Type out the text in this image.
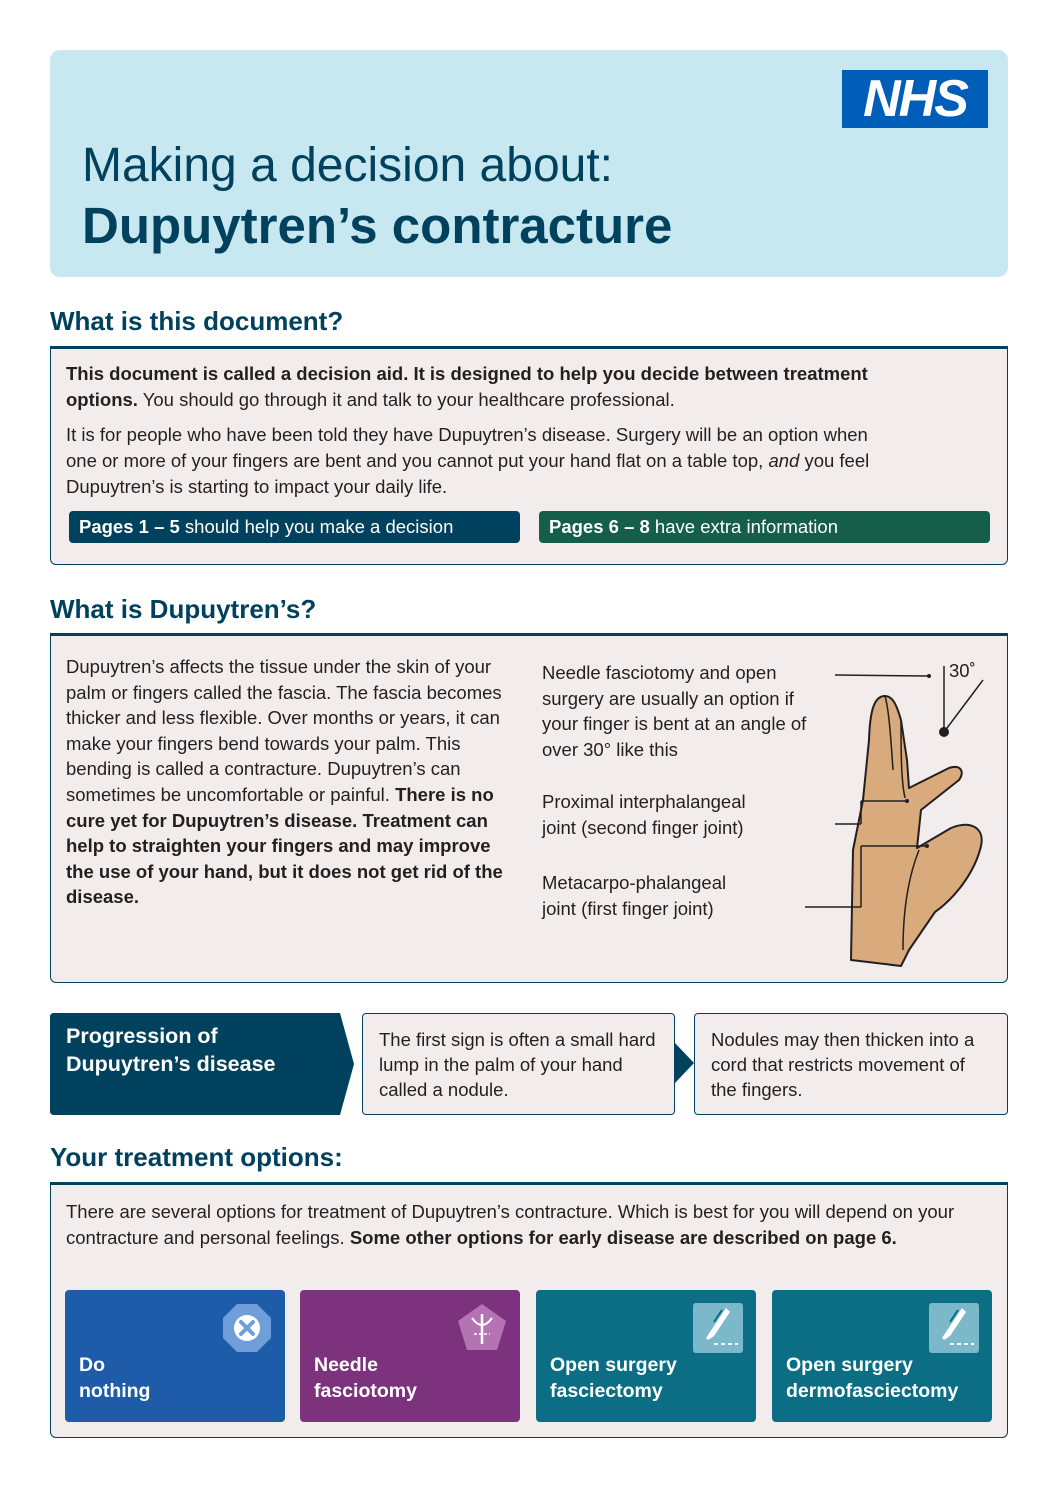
NHS
Making a decision about:
Dupuytren’s contracture
What is this document?

This document is called a decision aid. It is designed to help you decide between treatment options. You should go through it and talk to your healthcare professional.

It is for people who have been told they have Dupuytren’s disease. Surgery will be an option when one or more of your fingers are bent and you cannot put your hand flat on a table top, and you feel Dupuytren’s is starting to impact your daily life.

Pages 1 – 5 should help you make a decision	Pages 6 – 8 have extra information
What is Dupuytren’s?

Dupuytren’s affects the tissue under the skin of your palm or fingers called the fascia. The fascia becomes thicker and less flexible. Over months or years, it can make your fingers bend towards your palm. This bending is called a contracture. Dupuytren’s can sometimes be uncomfortable or painful. There is no cure yet for Dupuytren’s disease. Treatment can help to straighten your fingers and may improve the use of your hand, but it does not get rid of the disease.

Needle fasciotomy and open surgery are usually an option if your finger is bent at an angle of over 30° like this

Proximal interphalangeal joint (second finger joint)

Metacarpo-phalangeal joint (first finger joint)

30˚
Progression of Dupuytren’s disease
The first sign is often a small hard lump in the palm of your hand called a nodule.
Nodules may then thicken into a cord that restricts movement of the fingers.
Your treatment options:

There are several options for treatment of Dupuytren’s contracture. Which is best for you will depend on your contracture and personal feelings. Some other options for early disease are described on page 6.

Do
nothing
Needle
fasciotomy
Open surgery
fasciectomy
Open surgery
dermofasciectomy
